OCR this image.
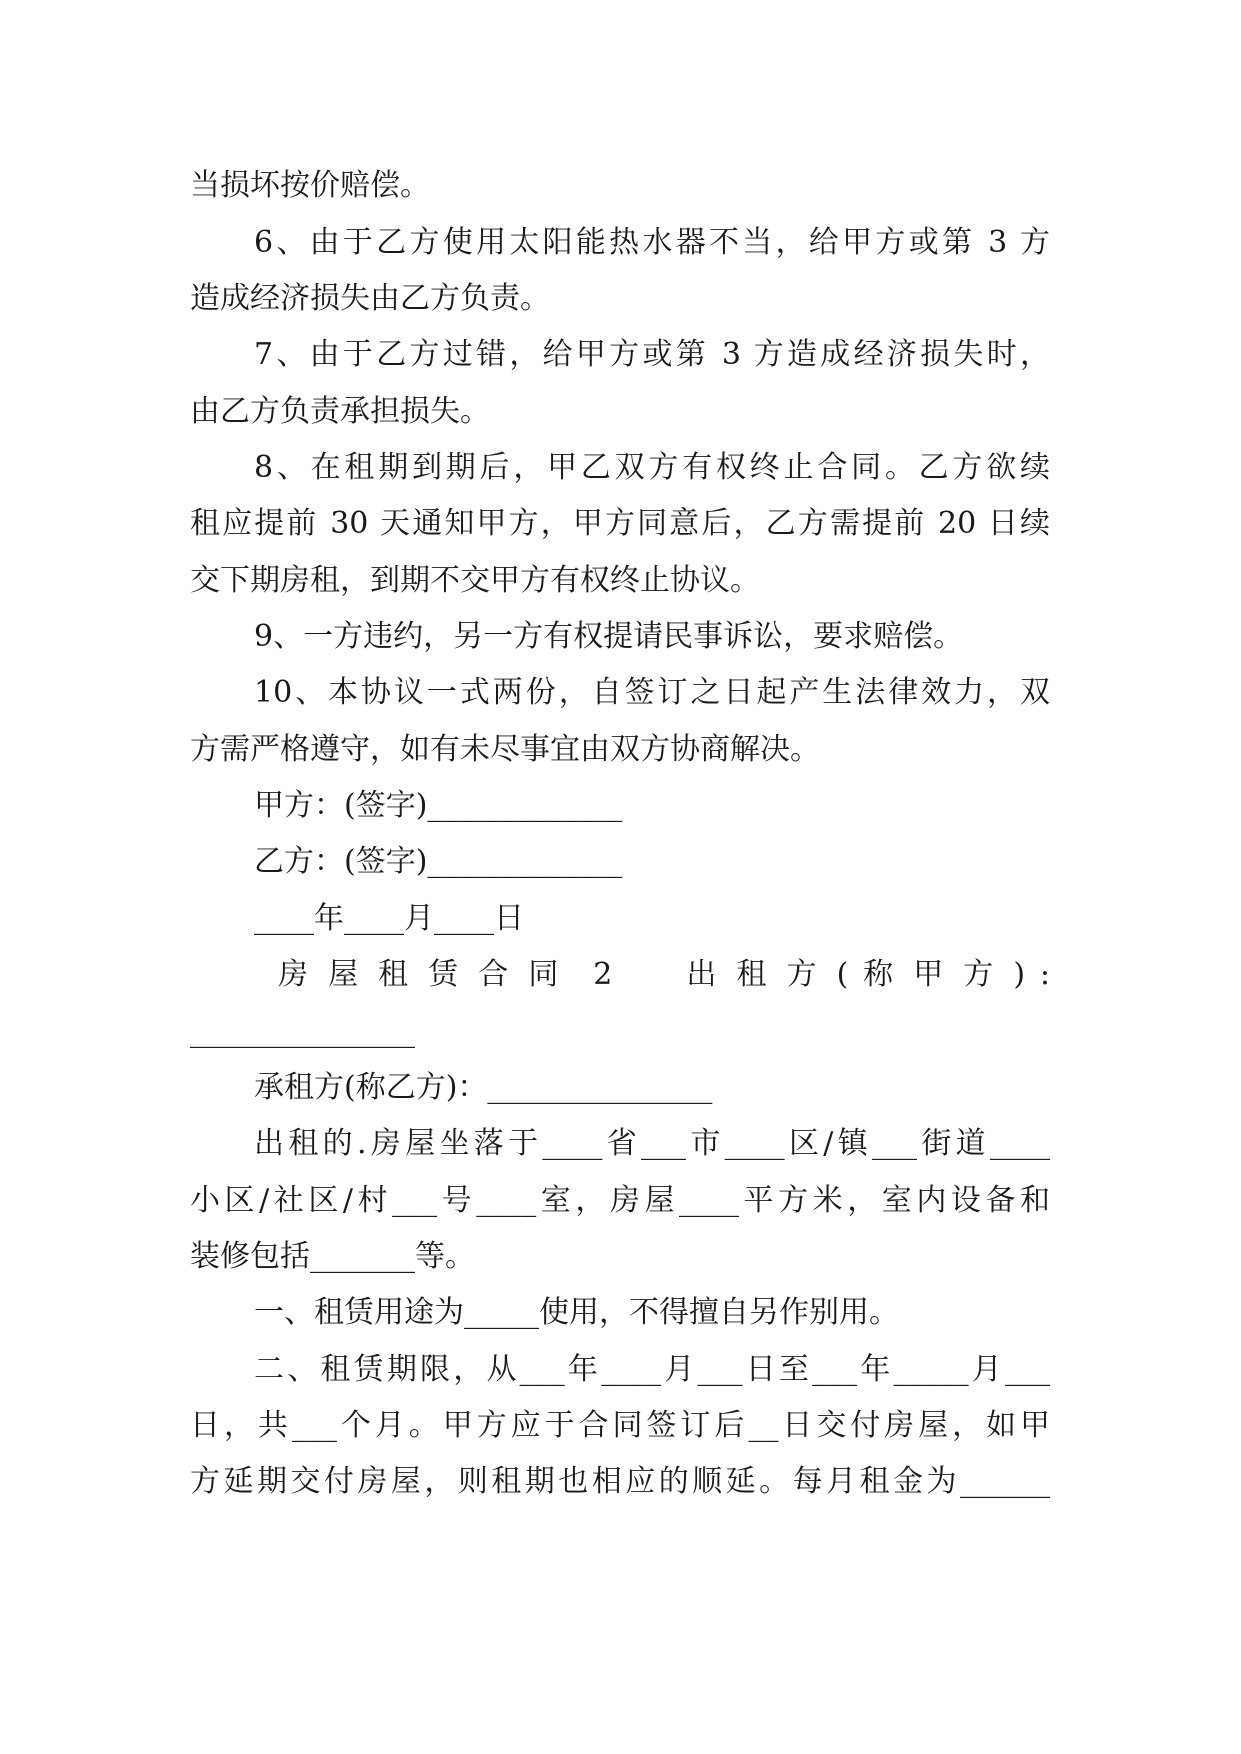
当损坏按价赔偿。
6、由于乙方使用太阳能热水器不当，给甲方或第 3 方
造成经济损失由乙方负责。
7、由于乙方过错，给甲方或第 3 方造成经济损失时，
由乙方负责承担损失。
8、在租期到期后，甲乙双方有权终止合同。乙方欲续
租应提前 30 天通知甲方，甲方同意后，乙方需提前 20 日续
交下期房租，到期不交甲方有权终止协议。
9、一方违约，另一方有权提请民事诉讼，要求赔偿。
10、本协议一式两份，自签订之日起产生法律效力，双
方需严格遵守，如有未尽事宜由双方协商解决。
甲方：(签字)_____________
乙方：(签字)_____________
____年____月____日
房 屋 租 赁 合 同  2     出 租 方 ( 称 甲 方 ) :
_______________
承租方(称乙方)：_______________
出租的.房屋坐落于____省___市____区/镇___街道____
小区/社区/村___号____室，房屋____平方米，室内设备和
装修包括_______等。
一、租赁用途为_____使用，不得擅自另作别用。
二、租赁期限，从___年____月___日至___年_____月___
日，共___个月。甲方应于合同签订后__日交付房屋，如甲
方延期交付房屋，则租期也相应的顺延。每月租金为______
